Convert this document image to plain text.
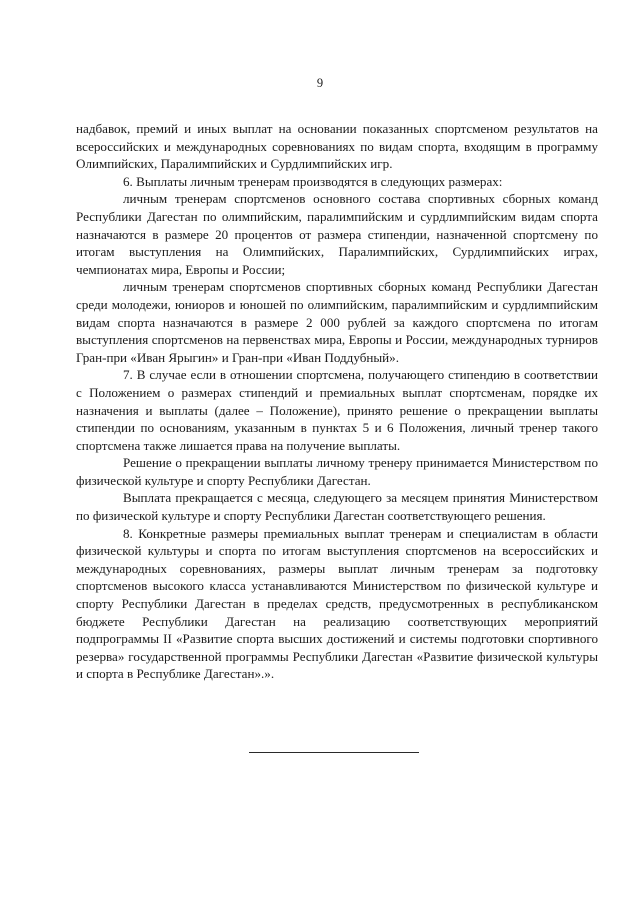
9

надбавок, премий и иных выплат на основании показанных спортсменом результатов на всероссийских и международных соревнованиях по видам спорта, входящим в программу Олимпийских, Паралимпийских и Сурдлимпийских игр.

6. Выплаты личным тренерам производятся в следующих размерах:

личным тренерам спортсменов основного состава спортивных сборных команд Республики Дагестан по олимпийским, паралимпийским и сурдлимпийским видам спорта назначаются в размере 20 процентов от размера стипендии, назначенной спортсмену по итогам выступления на Олимпийских, Паралимпийских, Сурдлимпийских играх, чемпионатах мира, Европы и России;

личным тренерам спортсменов спортивных сборных команд Республики Дагестан среди молодежи, юниоров и юношей по олимпийским, паралимпийским и сурдлимпийским видам спорта назначаются в размере 2 000 рублей за каждого спортсмена по итогам выступления спортсменов на первенствах мира, Европы и России, международных турниров Гран-при «Иван Ярыгин» и Гран-при «Иван Поддубный».

7. В случае если в отношении спортсмена, получающего стипендию в соответствии с Положением о размерах стипендий и премиальных выплат спортсменам, порядке их назначения и выплаты (далее – Положение), принято решение о прекращении выплаты стипендии по основаниям, указанным в пунктах 5 и 6 Положения, личный тренер такого спортсмена также лишается права на получение выплаты.

Решение о прекращении выплаты личному тренеру принимается Министерством по физической культуре и спорту Республики Дагестан.

Выплата прекращается с месяца, следующего за месяцем принятия Министерством по физической культуре и спорту Республики Дагестан соответствующего решения.

8. Конкретные размеры премиальных выплат тренерам и специалистам в области физической культуры и спорта по итогам выступления спортсменов на всероссийских и международных соревнованиях, размеры выплат личным тренерам за подготовку спортсменов высокого класса устанавливаются Министерством по физической культуре и спорту Республики Дагестан в пределах средств, предусмотренных в республиканском бюджете Республики Дагестан на реализацию соответствующих мероприятий подпрограммы II «Развитие спорта высших достижений и системы подготовки спортивного резерва» государственной программы Республики Дагестан «Развитие физической культуры и спорта в Республике Дагестан».».
